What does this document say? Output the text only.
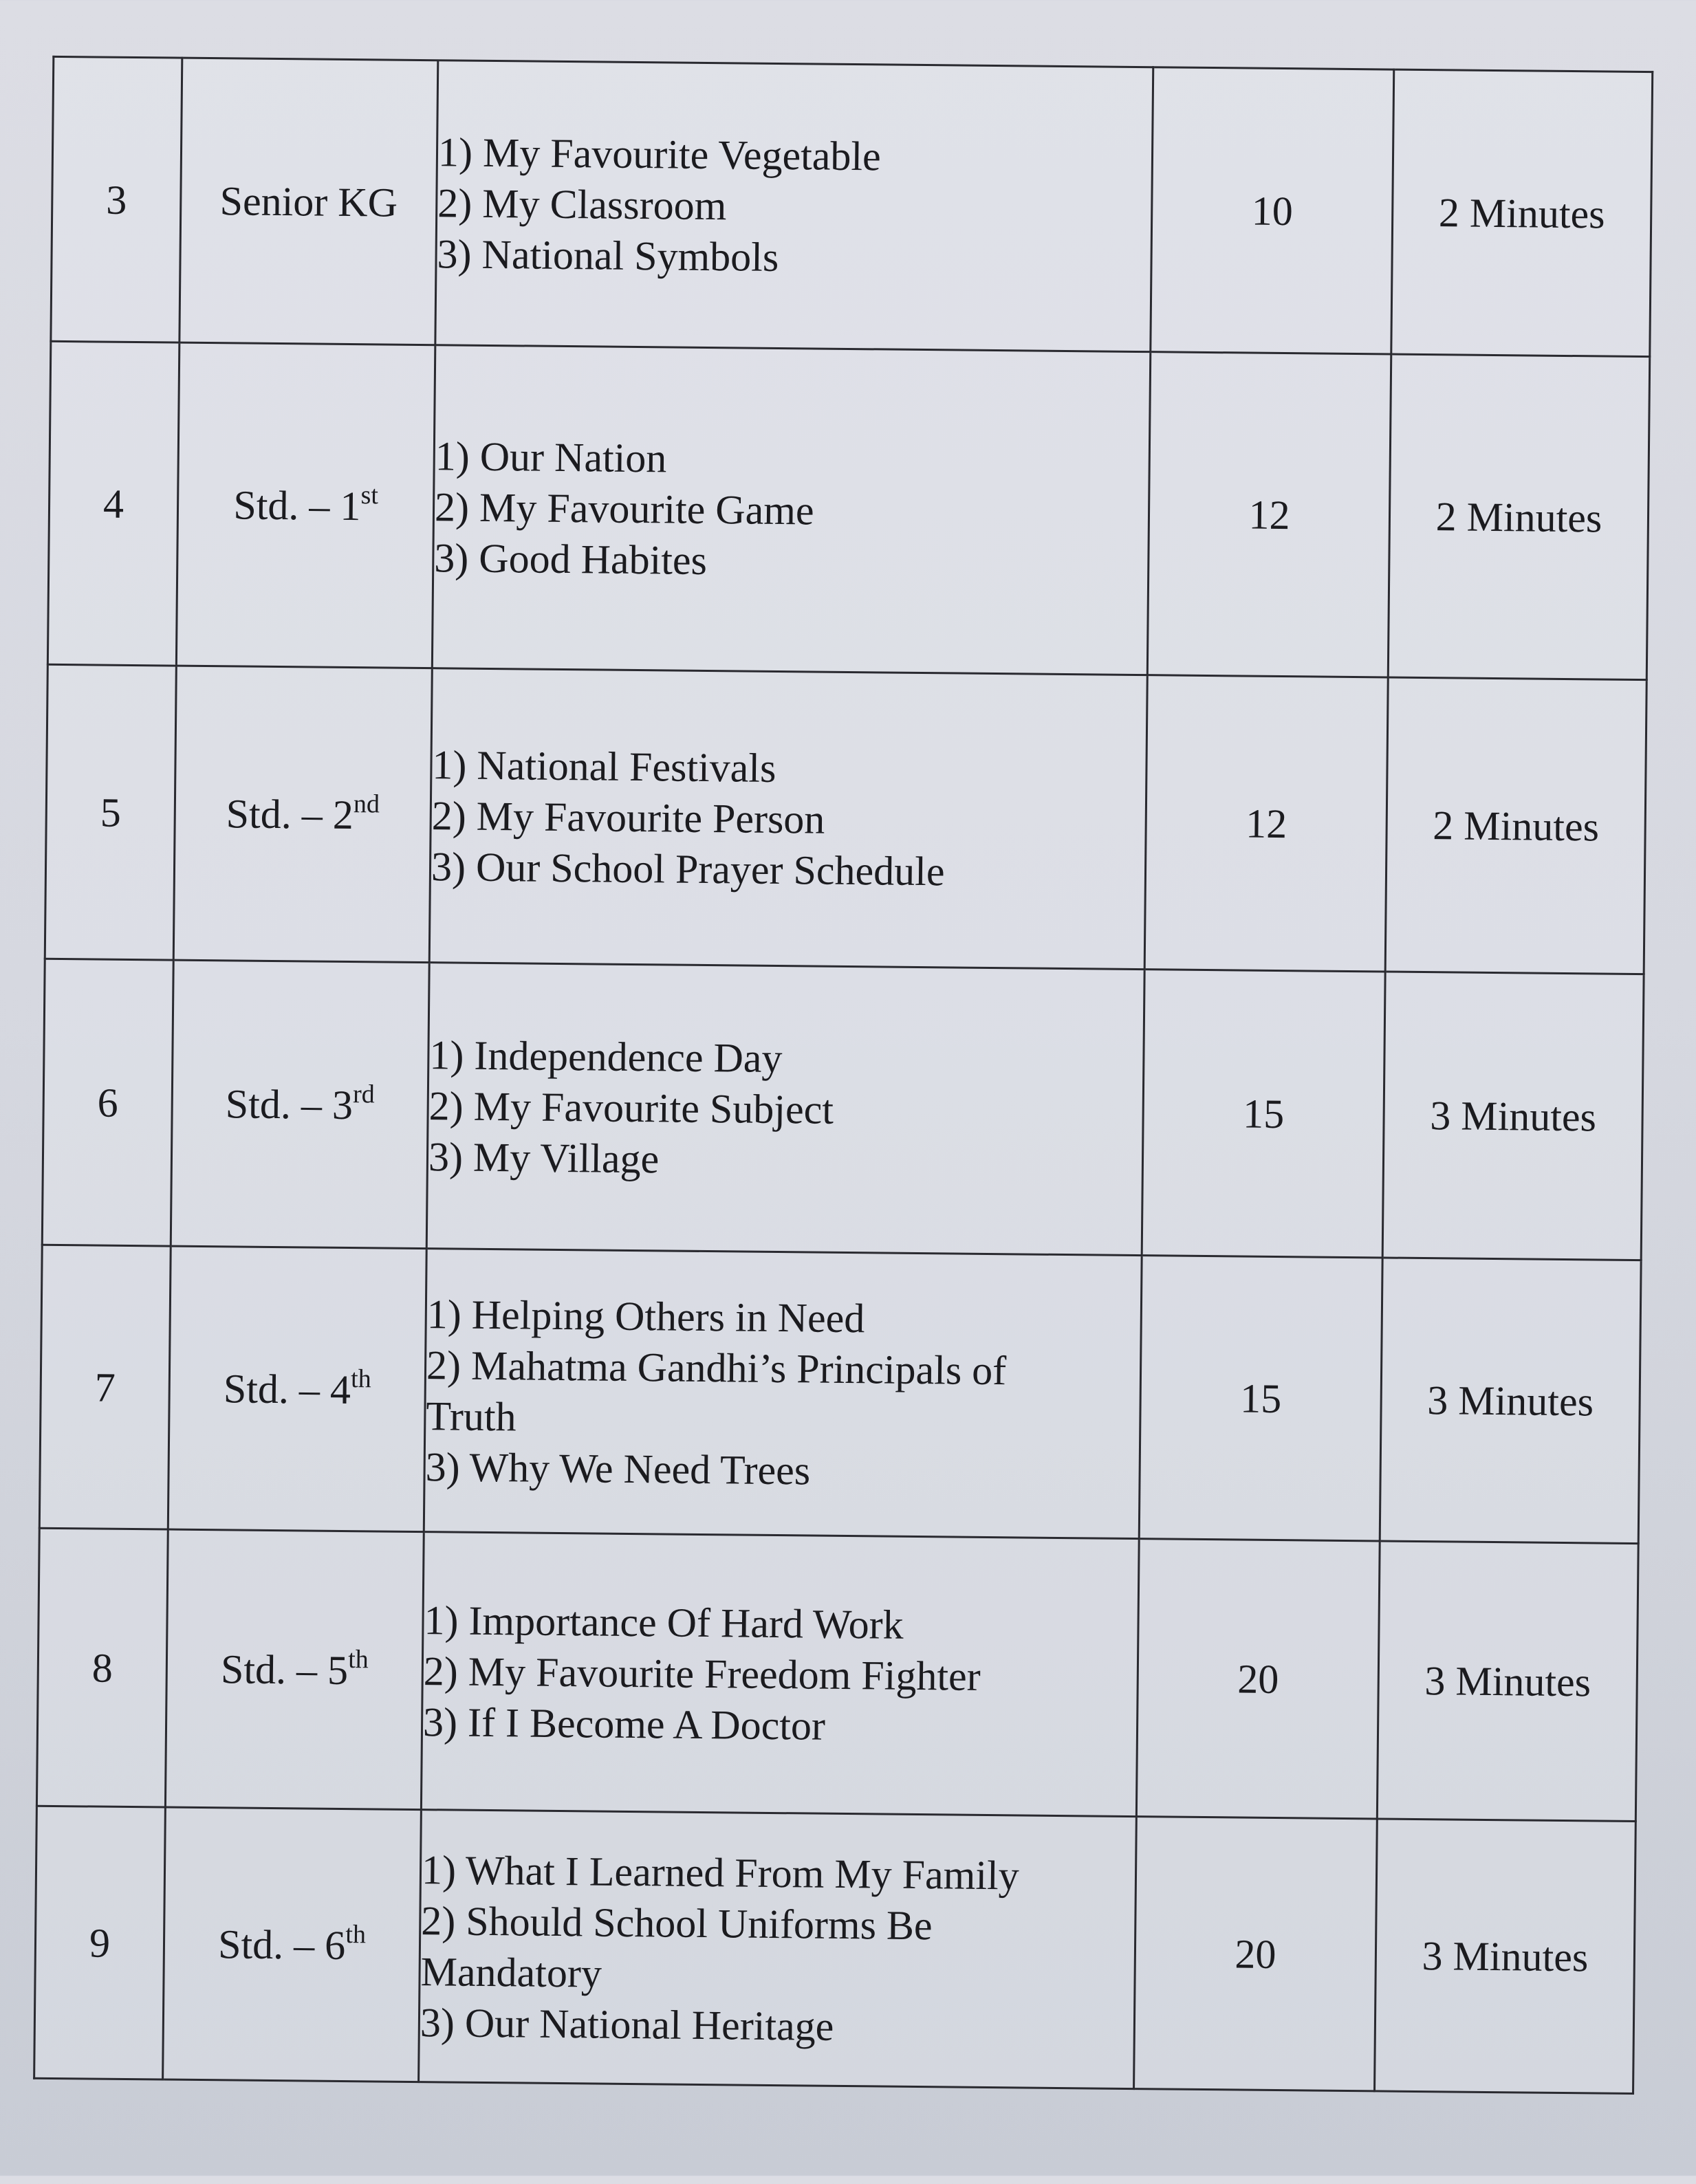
3	Senior KG	1) My Favourite Vegetable
2) My Classroom
3) National Symbols	10	2 Minutes
4	Std. – 1st	1) Our Nation
2) My Favourite Game
3) Good Habites	12	2 Minutes
5	Std. – 2nd	1) National Festivals
2) My Favourite Person
3) Our School Prayer Schedule	12	2 Minutes
6	Std. – 3rd	1) Independence Day
2) My Favourite Subject
3) My Village	15	3 Minutes
7	Std. – 4th	1) Helping Others in Need
2) Mahatma Gandhi’s Principals of Truth
3) Why We Need Trees	15	3 Minutes
8	Std. – 5th	1) Importance Of Hard Work
2) My Favourite Freedom Fighter
3) If I Become A Doctor	20	3 Minutes
9	Std. – 6th	1) What I Learned From My Family
2) Should School Uniforms Be Mandatory
3) Our National Heritage	20	3 Minutes
